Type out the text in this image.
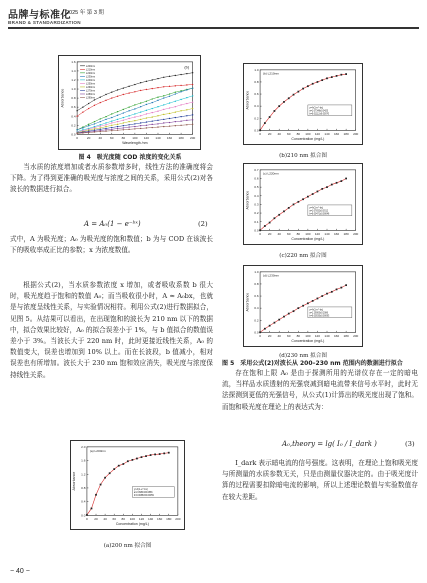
品牌与标准化
2025 年 第 3 期
BRAND & STANDARDIZATION
0	20	40	60	80 100 120 140 160 180 200
0.0
0.2
0.4
0.6
0.8
1.0
1.2
1.4
1.6
Wavelength /nm
Absorbance
(b)
L200nm
L210nm
L220nm
L230nm
L240nm
L250nm
L260nm
L270nm
L280nm
L290nm
图 4　吸光度随 COD 浓度的变化关系

当水质的浓度增加或者水质参数增多时，线性方法的准确度将会下降。为了得到更准确的吸光度与浓度之间的关系，采用公式(2)对各波长的数据进行拟合。

A = A₀(1 − e⁻ᵇˣ)	(2)

式中，A 为吸光度；A₀ 为吸光度的饱和数值；b 为与 COD 在该波长下的吸收率成正比的参数；x 为浓度数值。

根据公式(2)，当水质参数浓度 x 增加，或者吸收系数 b 很大时，吸光度趋于饱和的数值 A₀；而当吸收很小时，A ≈ A₀bx，也就是与浓度呈线性关系，与实验情况相符。利用公式(2)进行数据拟合，见图 5。从结果可以看出，在出现饱和的波长为 210 nm 以下的数据中，拟合效果比较好，A₀ 的拟合误差小于 1%，与 b 值拟合的数值误差小于 3%。当波长大于 220 nm 时，此时更接近线性关系，A₀ 的数值变大，误差也增加到 10% 以上。而在长波段，b 值减小，相对误差也有所增加。波长大于 230 nm 饱和效应消失，吸光度与浓度保持线性关系。

0 20 40 60 80 100 120 140 160 180 200
0.0
0.4
0.8
1.2
1.6
2.0
Concentration (mg/L)
Absorbance
(a) L200nm
y=A(1-e^-bx)
a=2.09834±0.0866
b=0.00883±0.00059
(a)200 nm 拟合图
0 20 40 60 80 100 120 140 160 180 200
0.0
0.2
0.4
0.6
0.8
1.0
Concentration (mg/L)
Absorbance
(b) L210nm
y=A(1-e^-bx)
a=1.07348±0.0425
b=0.01112±0.00070
(b)210 nm 拟合图
0 20 40 60 80 100 120 140 160 180 200
0.0
0.1
0.2
0.3
0.4
0.5
0.6
0.7
Concentration (mg/L)
Absorbance
(c) L220nm
y=A(1-e^-bx)
a=1.07832±0.0312
b=0.00471±0.00046
(c)220 nm 拟合图
0 20 40 60 80 100 120 140 160 180 200
0.0
0.2
0.4
0.6
0.8
1.0
Concentration (mg/L)
Absorbance
(d) L230nm
y=A(1-e^-bx)
a=1.29005±0.2086
b=0.00535±0.00093
(d)230 nm 拟合图
图 5　采用公式(2)对波长从 200–230 nm 范围内的数据进行拟合

存在饱和上限 A₀ 是由于探测所用的光谱仪存在一定的暗电流，当样品水质透射的光强衰减到暗电流带来信号水平时，此时无法探测到更低的光强信号，从公式(1)计算出的吸光度出现了饱和。而饱和吸光度在理论上的表达式为：

A₀,theory = lg( I₀ / I_dark )	(3)

I_dark 表示暗电流的信号强度。这表明，在理论上饱和吸光度与所测量的水质参数无关，只是由测量仪器决定的。由于吸光度计算的过程需要扣除暗电流的影响，所以上述理论数值与实验数值存在较大差距。

− 40 −
